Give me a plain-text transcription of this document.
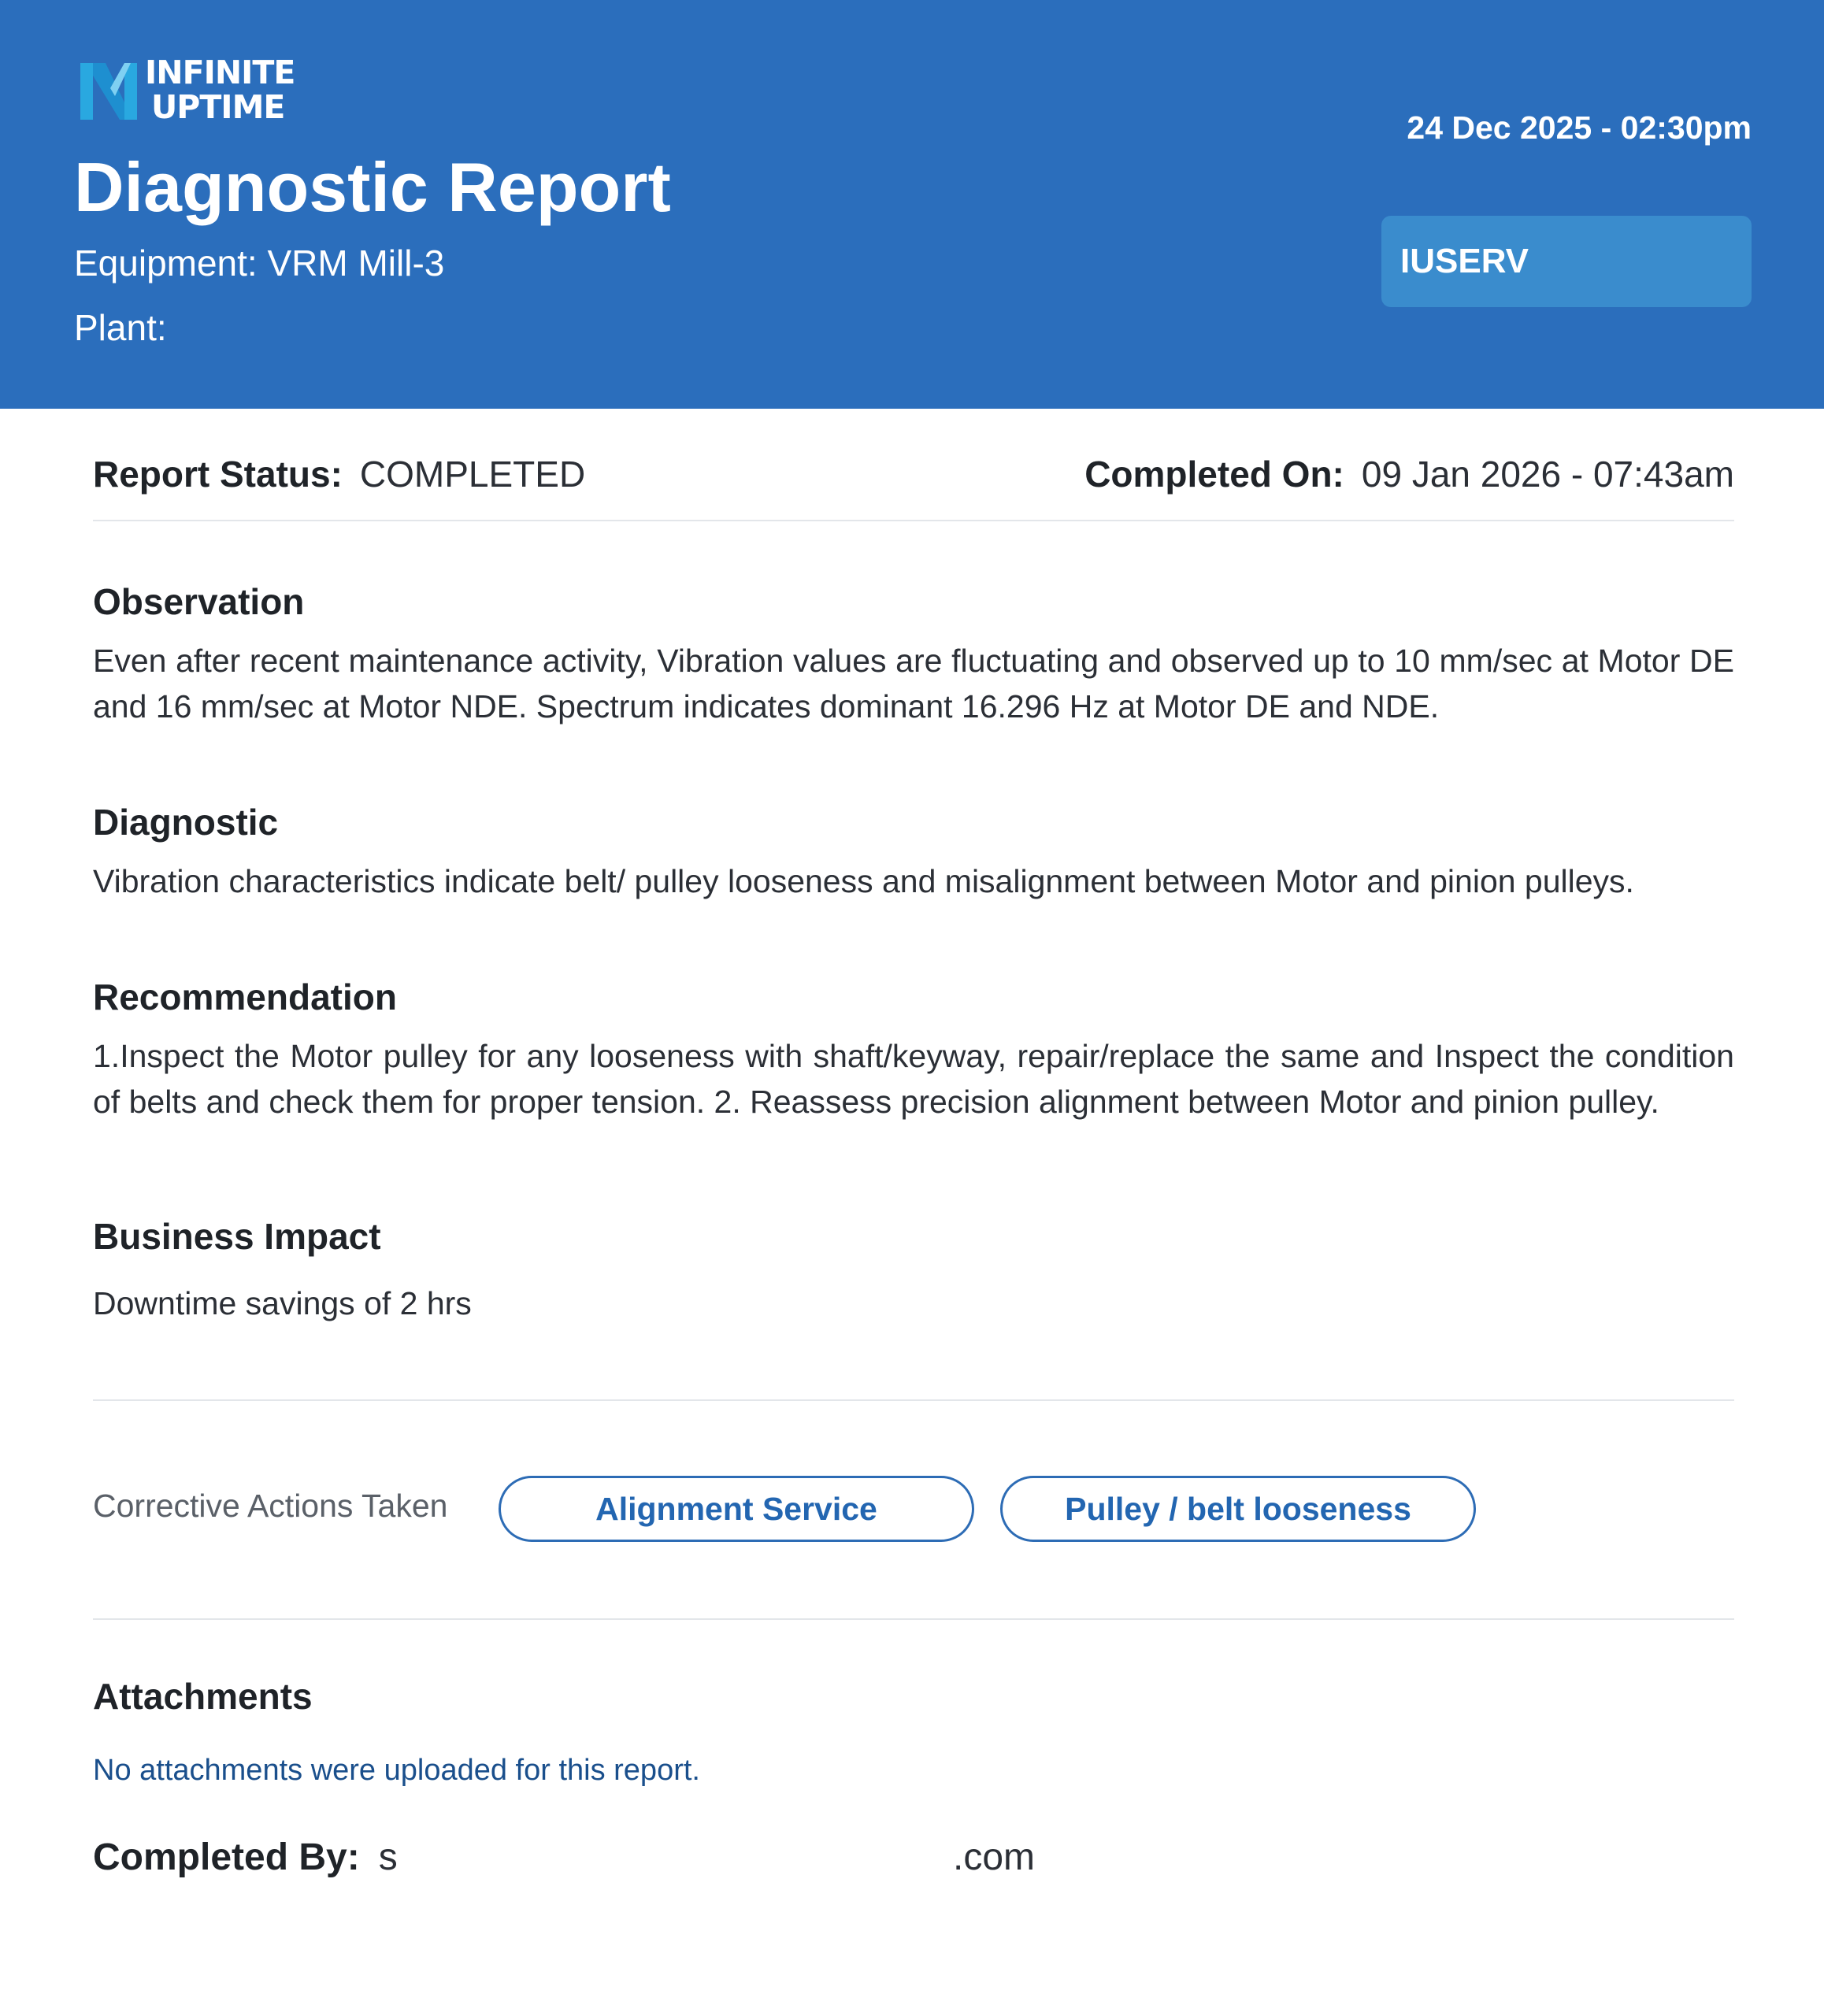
INFINITE
UPTIME
Diagnostic Report
Equipment: VRM Mill-3
Plant:
24 Dec 2025 - 02:30pm
IUSERV
Report Status: COMPLETED	Completed On: 09 Jan 2026 - 07:43am
Observation
Even after recent maintenance activity, Vibration values are fluctuating and observed up to 10 mm/sec at Motor DE and 16 mm/sec at Motor NDE. Spectrum indicates dominant 16.296 Hz at Motor DE and NDE.
Diagnostic
Vibration characteristics indicate belt/ pulley looseness and misalignment between Motor and pinion pulleys.
Recommendation
1.Inspect the Motor pulley for any looseness with shaft/keyway, repair/replace the same and Inspect the condition of belts and check them for proper tension. 2. Reassess precision alignment between Motor and pinion pulley.
Business Impact
Downtime savings of 2 hrs
Corrective Actions Taken	Alignment Service	Pulley / belt looseness
Attachments
No attachments were uploaded for this report.
Completed By: s	.com
